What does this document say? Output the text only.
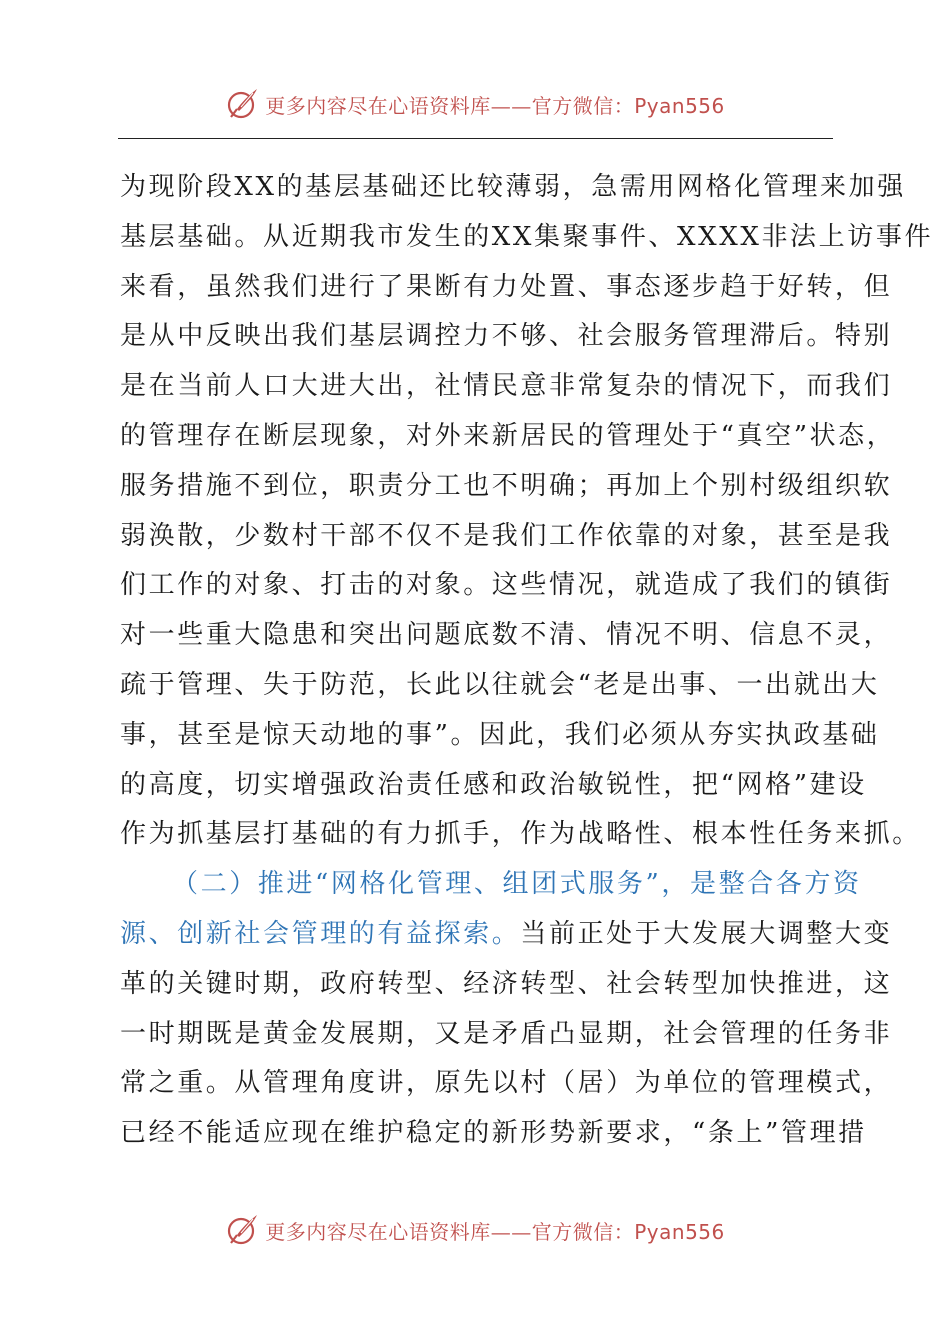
更多内容尽在心语资料库——官方微信：Pyan556
为现阶段XX的基层基础还比较薄弱，急需用网格化管理来加强
基层基础。从近期我市发生的XX集聚事件、XXXX非法上访事件
来看，虽然我们进行了果断有力处置、事态逐步趋于好转，但
是从中反映出我们基层调控力不够、社会服务管理滞后。特别
是在当前人口大进大出，社情民意非常复杂的情况下，而我们
的管理存在断层现象，对外来新居民的管理处于“真空”状态，
服务措施不到位，职责分工也不明确；再加上个别村级组织软
弱涣散，少数村干部不仅不是我们工作依靠的对象，甚至是我
们工作的对象、打击的对象。这些情况，就造成了我们的镇街
对一些重大隐患和突出问题底数不清、情况不明、信息不灵，
疏于管理、失于防范，长此以往就会“老是出事、一出就出大
事，甚至是惊天动地的事”。因此，我们必须从夯实执政基础
的高度，切实增强政治责任感和政治敏锐性，把“网格”建设
作为抓基层打基础的有力抓手，作为战略性、根本性任务来抓。
（二）推进“网格化管理、组团式服务”，是整合各方资
源、创新社会管理的有益探索。当前正处于大发展大调整大变
革的关键时期，政府转型、经济转型、社会转型加快推进，这
一时期既是黄金发展期，又是矛盾凸显期，社会管理的任务非
常之重。从管理角度讲，原先以村（居）为单位的管理模式，
已经不能适应现在维护稳定的新形势新要求，“条上”管理措
更多内容尽在心语资料库——官方微信：Pyan556
